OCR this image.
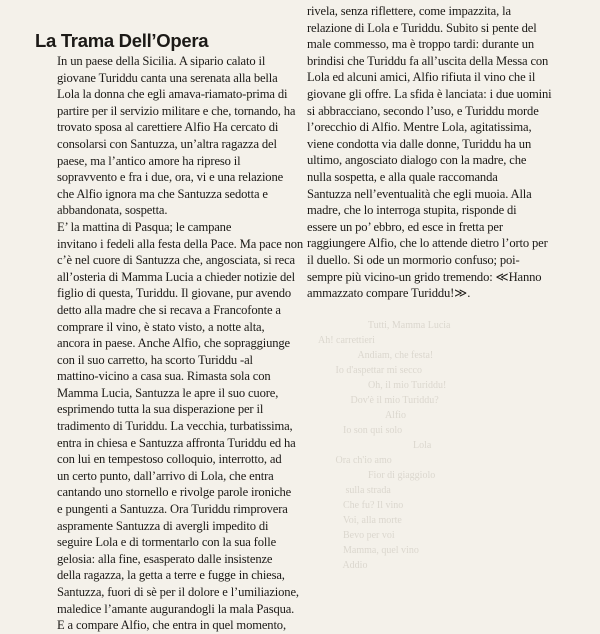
Tutti, Mamma Lucia
Ah! carrettieri
Andiam, che festa!
Io d'aspettar mi secco
Oh, il mio Turiddu!
Dov'è il mio Turiddu?
Alfio
Io son qui solo
Lola
Ora ch'io amo
Fior di giaggiolo
sulla strada
Che fu? Il vino
Voi, alla morte
Bevo per voi
Mamma, quel vino
Addio
La Trama Dell’Opera

In un paese della Sicilia. A sipario calato il
giovane Turiddu canta una serenata alla bella
Lola la donna che egli amava-riamato-prima di
partire per il servizio militare e che, tornando, ha
trovato sposa al carettiere Alfio Ha cercato di
consolarsi con Santuzza, un’altra ragazza del
paese, ma l’antico amore ha ripreso il
sopravvento e fra i due, ora, vi e una relazione
che Alfio ignora ma che Santuzza sedotta e
abbandonata, sospetta.

E’ la mattina di Pasqua; le campane
invitano i fedeli alla festa della Pace. Ma pace non
c’è nel cuore di Santuzza che, angosciata, si reca
all’osteria di Mamma Lucia a chieder notizie del
figlio di questa, Turiddu. Il giovane, pur avendo
detto alla madre che si recava a Francofonte a
comprare il vino, è stato visto, a notte alta,
ancora in paese. Anche Alfio, che sopraggiunge
con il suo carretto, ha scorto Turiddu -al
mattino-vicino a casa sua. Rimasta sola con
Mamma Lucia, Santuzza le apre il suo cuore,
esprimendo tutta la sua disperazione per il
tradimento di Turiddu. La vecchia, turbatissima,
entra in chiesa e Santuzza affronta Turiddu ed ha
con lui en tempestoso colloquio, interrotto, ad
un certo punto, dall’arrivo di Lola, che entra
cantando uno stornello e rivolge parole ironiche
e pungenti a Santuzza. Ora Turiddu rimprovera
aspramente Santuzza di avergli impedito di
seguire Lola e di tormentarlo con la sua folle
gelosia: alla fine, esasperato dalle insistenze
della ragazza, la getta a terre e fugge in chiesa,
Santuzza, fuori di sè per il dolore e l’umiliazione,
maledice l’amante augurandogli la mala Pasqua.
E a compare Alfio, che entra in quel momento,

rivela, senza riflettere, come impazzita, la
relazione di Lola e Turiddu. Subito si pente del
male commesso, ma è troppo tardi: durante un
brindisi che Turiddu fa all’uscita della Messa con
Lola ed alcuni amici, Alfio rifiuta il vino che il
giovane gli offre. La sfida è lanciata: i due uomini
si abbracciano, secondo l’uso, e Turiddu morde
l’orecchio di Alfio. Mentre Lola, agitatissima,
viene condotta via dalle donne, Turiddu ha un
ultimo, angosciato dialogo con la madre, che
nulla sospetta, e alla quale raccomanda
Santuzza nell’eventualità che egli muoia. Alla
madre, che lo interroga stupita, risponde di
essere un po’ ebbro, ed esce in fretta per
raggiungere Alfio, che lo attende dietro l’orto per
il duello. Si ode un mormorio confuso; poi-
sempre più vicino-un grido tremendo: ≪Hanno
ammazzato compare Turiddu!≫.
